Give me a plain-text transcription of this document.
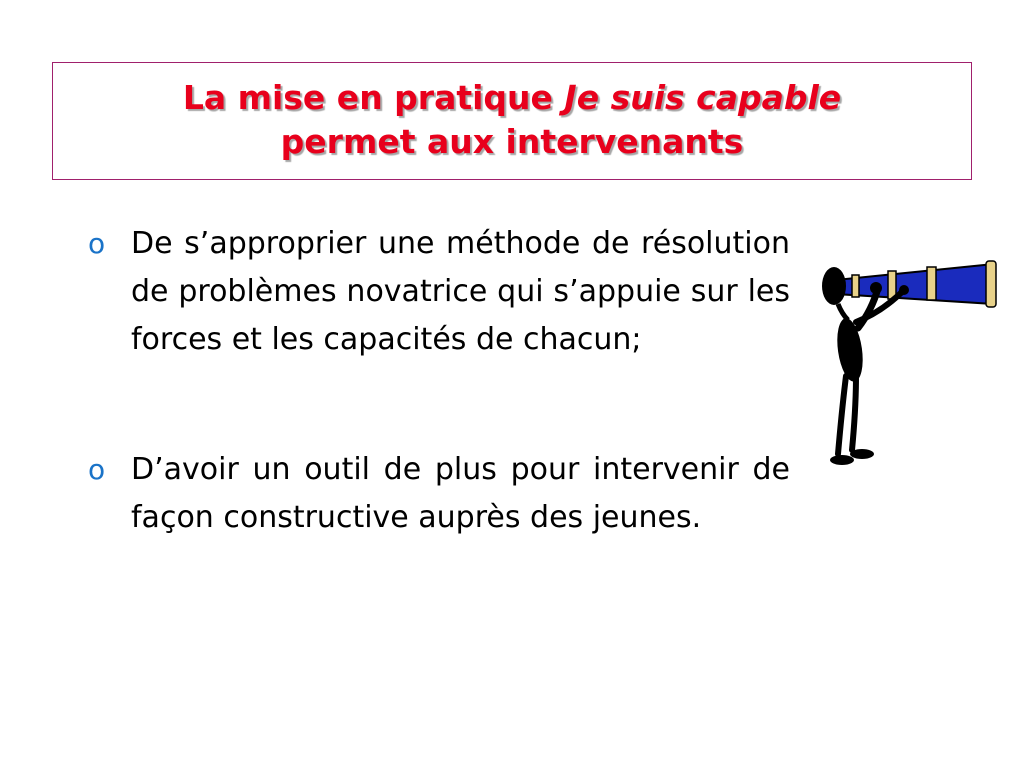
La mise en pratique Je suis capable
permet aux intervenants
o De s’approprier une méthode de résolution de problèmes novatrice qui s’appuie sur les forces et les capacités de chacun;
o D’avoir un outil de plus pour intervenir de façon constructive auprès des jeunes.
